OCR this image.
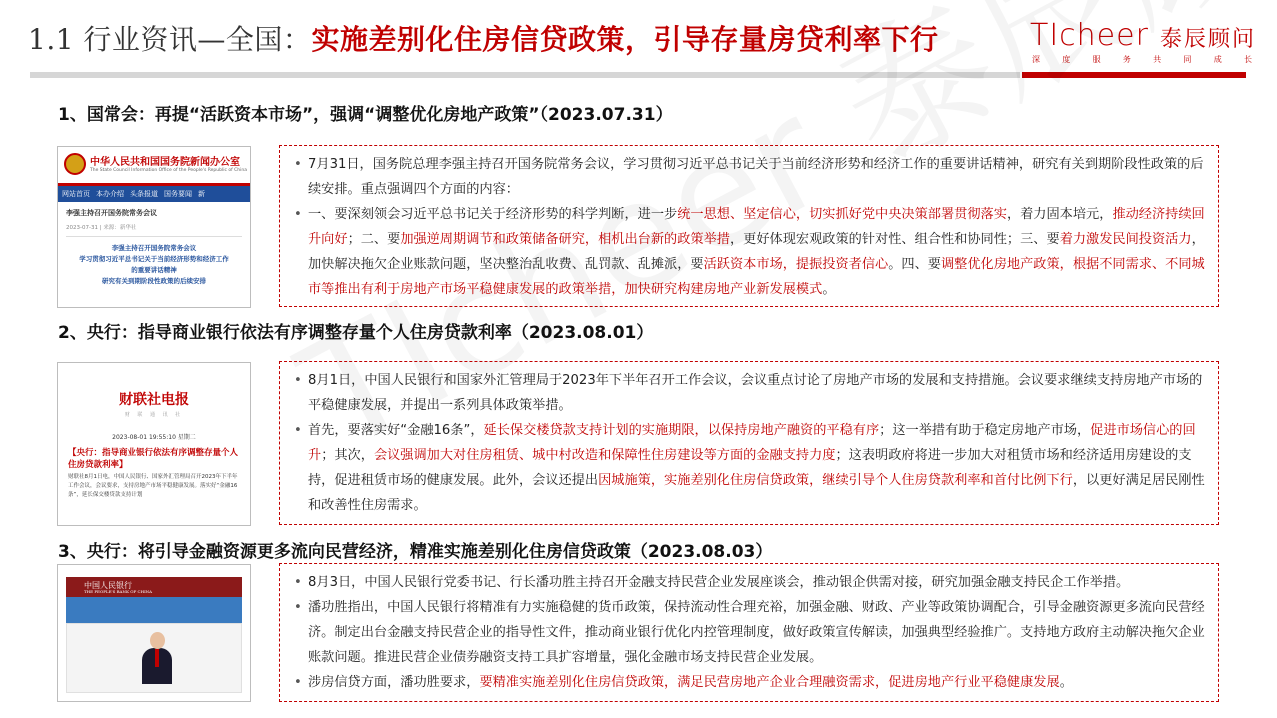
1.1 行业资讯—全国：实施差别化住房信贷政策，引导存量房贷利率下行	TIcheer 泰辰顾问
深	度	服	务	共	同	成	长
1、国常会：再提“活跃资本市场”，强调“调整优化房地产政策”（2023.07.31）
中华人民共和国国务院新闻办公室
The State Council Information Office of the People's Republic of China
网站首页 本办介绍 头条报道 国务要闻 新
李强主持召开国务院常务会议
2023-07-31 | 来源：新华社
李强主持召开国务院常务会议
学习贯彻习近平总书记关于当前经济形势和经济工作
的重要讲话精神
研究有关到期阶段性政策的后续安排

• 7月31日，国务院总理李强主持召开国务院常务会议，学习贯彻习近平总书记关于当前经济形势和经济工作的重要讲话精神，研究有关到期阶段性政策的后续安排。重点强调四个方面的内容：

• 一、要深刻领会习近平总书记关于经济形势的科学判断，进一步统一思想、坚定信心，切实抓好党中央决策部署贯彻落实，着力固本培元，推动经济持续回升向好；二、要加强逆周期调节和政策储备研究，相机出台新的政策举措，更好体现宏观政策的针对性、组合性和协同性；三、要着力激发民间投资活力，加快解决拖欠企业账款问题，坚决整治乱收费、乱罚款、乱摊派，要活跃资本市场，提振投资者信心。四、要调整优化房地产政策，根据不同需求、不同城市等推出有利于房地产市场平稳健康发展的政策举措，加快研究构建房地产业新发展模式。

2、央行：指导商业银行依法有序调整存量个人住房贷款利率（2023.08.01）
财联社电报
财 联 通 讯 社
2023-08-01 19:55:10 星期二
【央行：指导商业银行依法有序调整存量个人住房贷款利率】
财联社8月1日电，中国人民银行、国家外汇管理局召开2023年下半年工作会议，会议要求，支持房地产市场平稳健康发展。落实好“金融16条”，延长保交楼贷款支持计划

• 8月1日，中国人民银行和国家外汇管理局于2023年下半年召开工作会议，会议重点讨论了房地产市场的发展和支持措施。会议要求继续支持房地产市场的平稳健康发展，并提出一系列具体政策举措。

• 首先，要落实好“金融16条”，延长保交楼贷款支持计划的实施期限，以保持房地产融资的平稳有序；这一举措有助于稳定房地产市场，促进市场信心的回升；其次，会议强调加大对住房租赁、城中村改造和保障性住房建设等方面的金融支持力度；这表明政府将进一步加大对租赁市场和经济适用房建设的支持，促进租赁市场的健康发展。此外，会议还提出因城施策，实施差别化住房信贷政策，继续引导个人住房贷款利率和首付比例下行，以更好满足居民刚性和改善性住房需求。

3、央行：将引导金融资源更多流向民营经济，精准实施差别化住房信贷政策（2023.08.03）
中国人民银行
THE PEOPLE'S BANK OF CHINA

• 8月3日，中国人民银行党委书记、行长潘功胜主持召开金融支持民营企业发展座谈会，推动银企供需对接，研究加强金融支持民企工作举措。

• 潘功胜指出，中国人民银行将精准有力实施稳健的货币政策，保持流动性合理充裕，加强金融、财政、产业等政策协调配合，引导金融资源更多流向民营经济。制定出台金融支持民营企业的指导性文件，推动商业银行优化内控管理制度，做好政策宣传解读，加强典型经验推广。支持地方政府主动解决拖欠企业账款问题。推进民营企业债券融资支持工具扩容增量，强化金融市场支持民营企业发展。

• 涉房信贷方面，潘功胜要求，要精准实施差别化住房信贷政策，满足民营房地产企业合理融资需求，促进房地产行业平稳健康发展。
